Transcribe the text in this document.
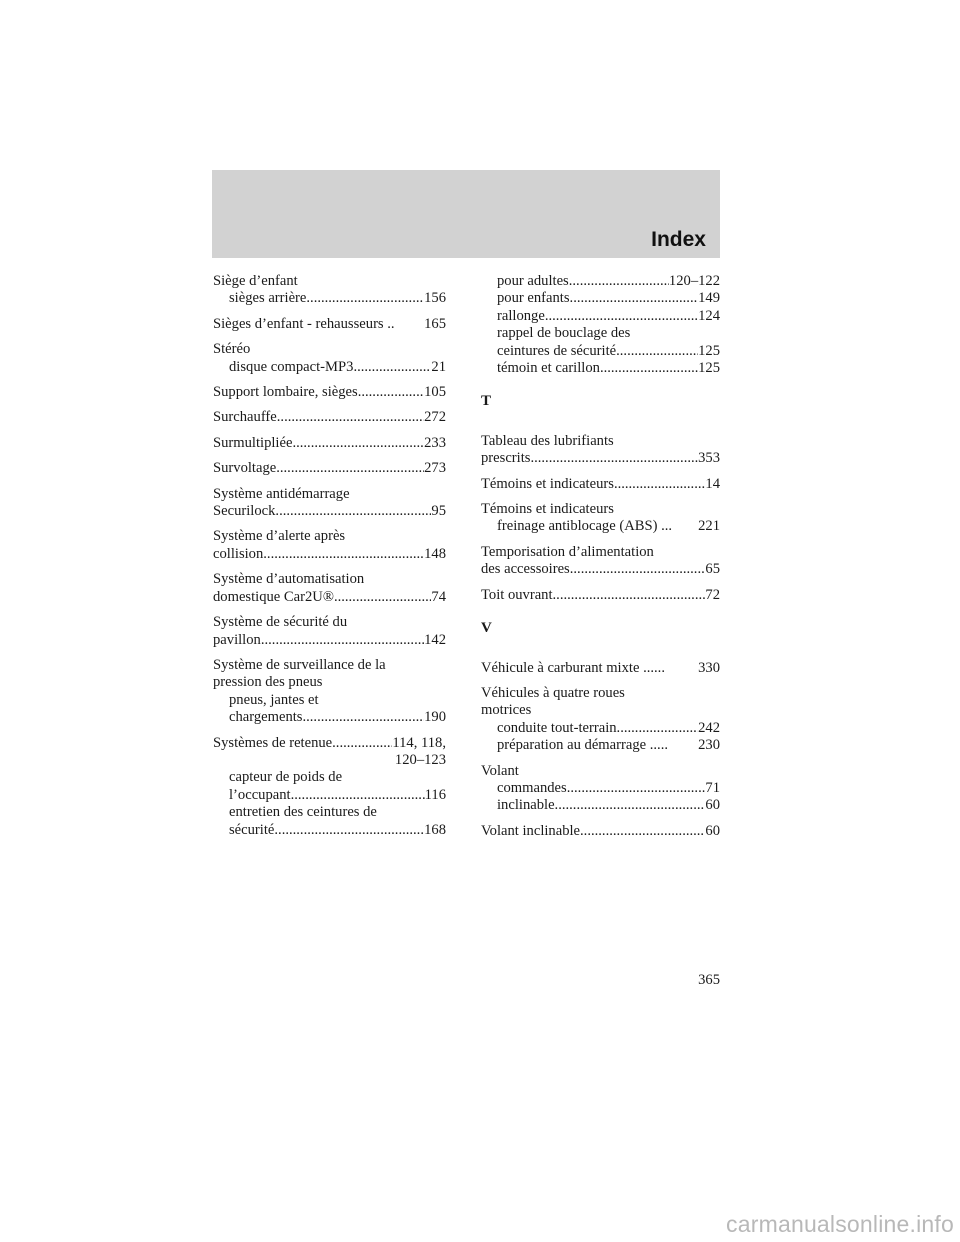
Index
Siège d’enfant
sièges arrière .....	156
Sièges d’enfant - rehausseurs .. 165
Stéréo
disque compact-MP3 .....	21
Support lombaire, sièges .....	105
Surchauffe .....	272
Surmultipliée .....	233
Survoltage .....	273
Système antidémarrage
Securilock .....	95
Système d’alerte après
collision .....	148
Système d’automatisation
domestique Car2U® .....	74
Système de sécurité du
pavillon .....	142
Système de surveillance de la
pression des pneus
pneus, jantes et
chargements .....	190
Systèmes de retenue .....	114, 118,
120–123
capteur de poids de
l’occupant .....	116
entretien des ceintures de
sécurité .....	168
pour adultes .....	120–122
pour enfants .....	149
rallonge .....	124
rappel de bouclage des
ceintures de sécurité .....	125
témoin et carillon .....	125
T
Tableau des lubrifiants
prescrits .....	353
Témoins et indicateurs .....	14
Témoins et indicateurs
freinage antiblocage (ABS) ... 221
Temporisation d’alimentation
des accessoires .....	65
Toit ouvrant .....	72
V
Véhicule à carburant mixte ...... 330
Véhicules à quatre roues
motrices
conduite tout-terrain .....	242
préparation au démarrage ..... 230
Volant
commandes .....	71
inclinable .....	60
Volant inclinable .....	60
365
carmanualsonline.info
